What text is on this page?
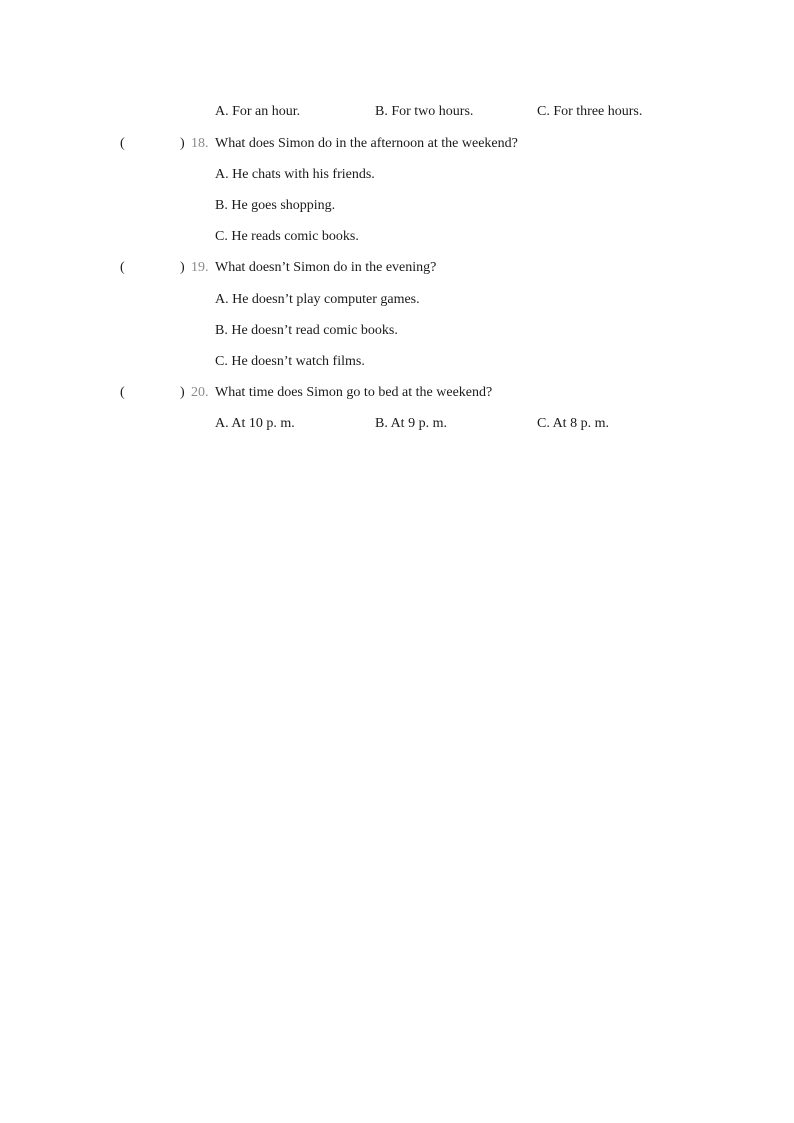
A. For an hour.	B. For two hours.	C. For three hours.
(	) 18. What does Simon do in the afternoon at the weekend?
A. He chats with his friends.
B. He goes shopping.
C. He reads comic books.
(	) 19. What doesn’t Simon do in the evening?
A. He doesn’t play computer games.
B. He doesn’t read comic books.
C. He doesn’t watch films.
(	) 20. What time does Simon go to bed at the weekend?
A. At 10 p. m.	B. At 9 p. m.	C. At 8 p. m.
